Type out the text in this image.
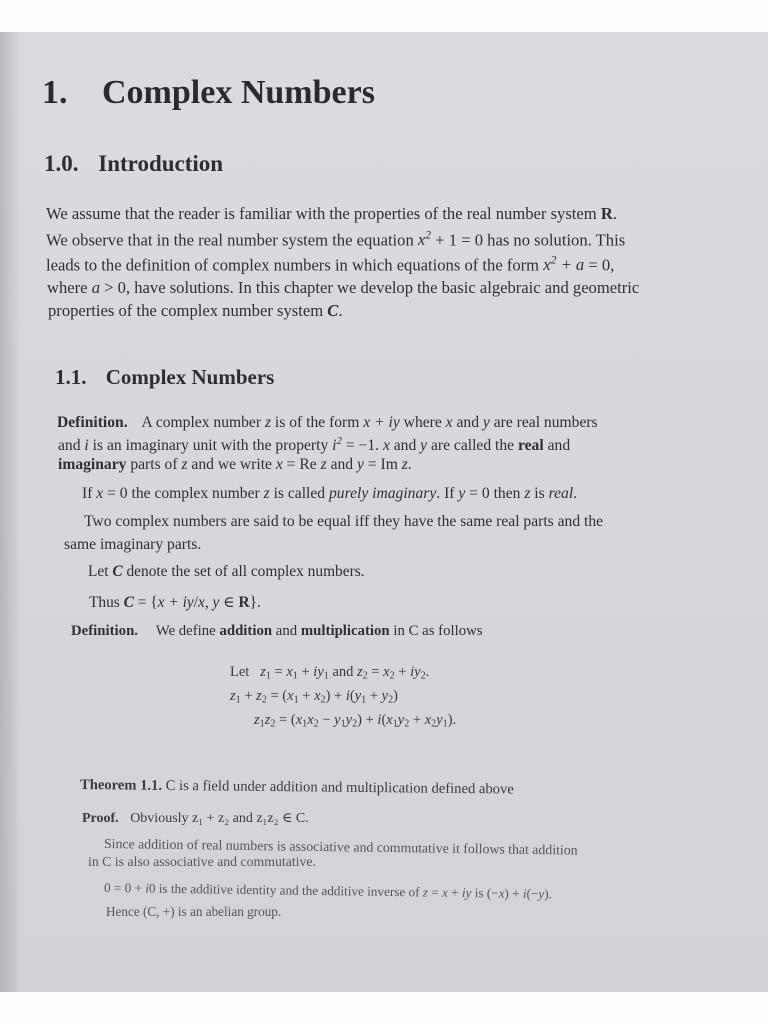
1. Complex Numbers
1.0. Introduction
We assume that the reader is familiar with the properties of the real number system R.
We observe that in the real number system the equation $x^2 + 1 = 0$ has no solution. This
leads to the definition of complex numbers in which equations of the form $x^2 + a = 0$,
where a > 0, have solutions. In this chapter we develop the basic algebraic and geometric
properties of the complex number system C.
1.1. Complex Numbers
Definition. A complex number z is of the form x + iy where x and y are real numbers
and i is an imaginary unit with the property $i^2 = -1$. x and y are called the real and
imaginary parts of z and we write x = Re z and y = Im z.
If x = 0 the complex number z is called purely imaginary. If y = 0 then z is real.
Two complex numbers are said to be equal iff they have the same real parts and the
same imaginary parts.
Let C denote the set of all complex numbers.
Thus C = {x + iy/x, y ∈ R}.
Definition. We define addition and multiplication in C as follows
Let   $z_1 = x_1 + iy_1$ and $z_2 = x_2 + iy_2$.
$z_1 + z_2 = (x_1 + x_2) + i(y_1 + y_2)$
$z_1z_2 = (x_1x_2 - y_1y_2) + i(x_1y_2 + x_2y_1)$.
Theorem 1.1. C is a field under addition and multiplication defined above
Proof. Obviously z₁ + z₂ and z₁z₂ ∈ C.
Since addition of real numbers is associative and commutative it follows that addition
in C is also associative and commutative.
0 = 0 + i0 is the additive identity and the additive inverse of z = x + iy is (−x) + i(−y).
Hence (C, +) is an abelian group.
